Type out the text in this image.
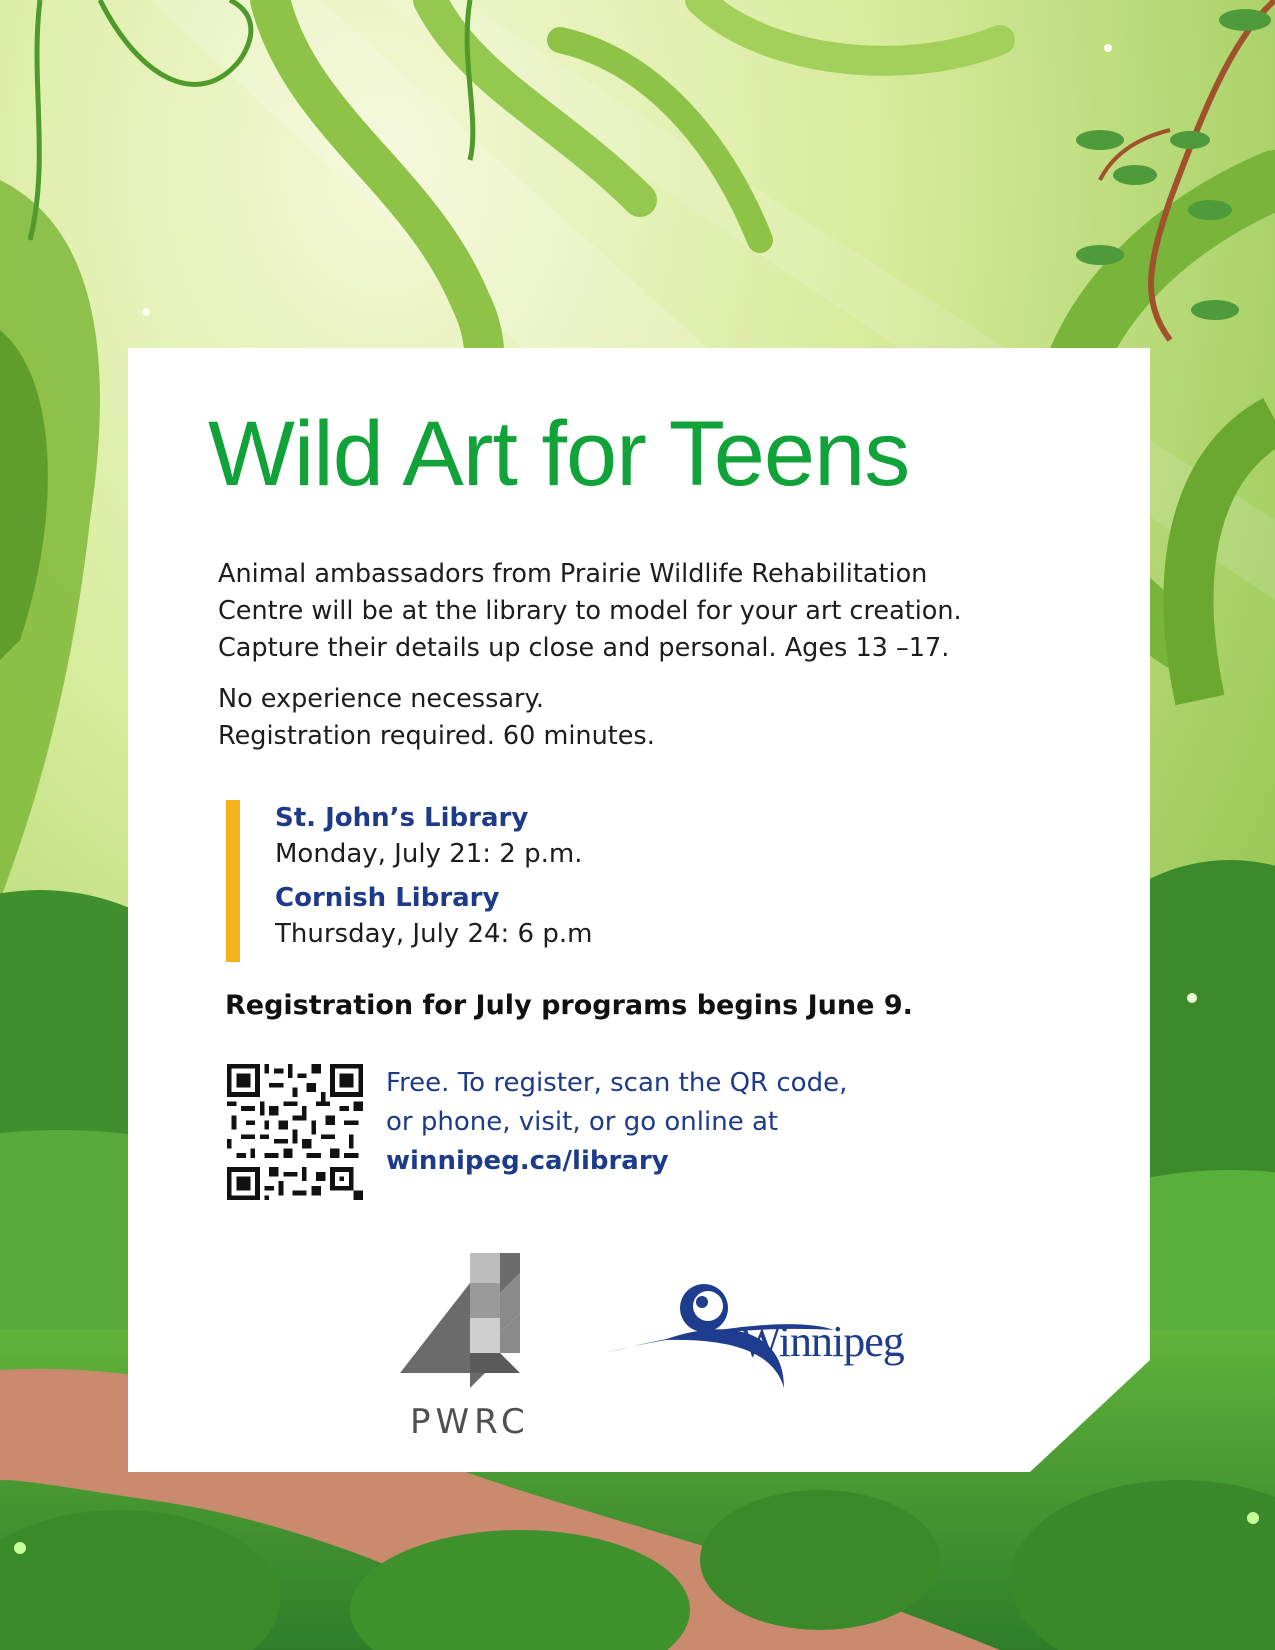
Wild Art for Teens

Animal ambassadors from Prairie Wildlife Rehabilitation
Centre will be at the library to model for your art creation.
Capture their details up close and personal. Ages 13 –17.

No experience necessary.
Registration required. 60 minutes.

St. John’s Library

Monday, July 21: 2 p.m.

Cornish Library

Thursday, July 24: 6 p.m

Registration for July programs begins June 9.

Free. To register, scan the QR code,
or phone, visit, or go online at
winnipeg.ca/library

PWRC

Winnipeg
